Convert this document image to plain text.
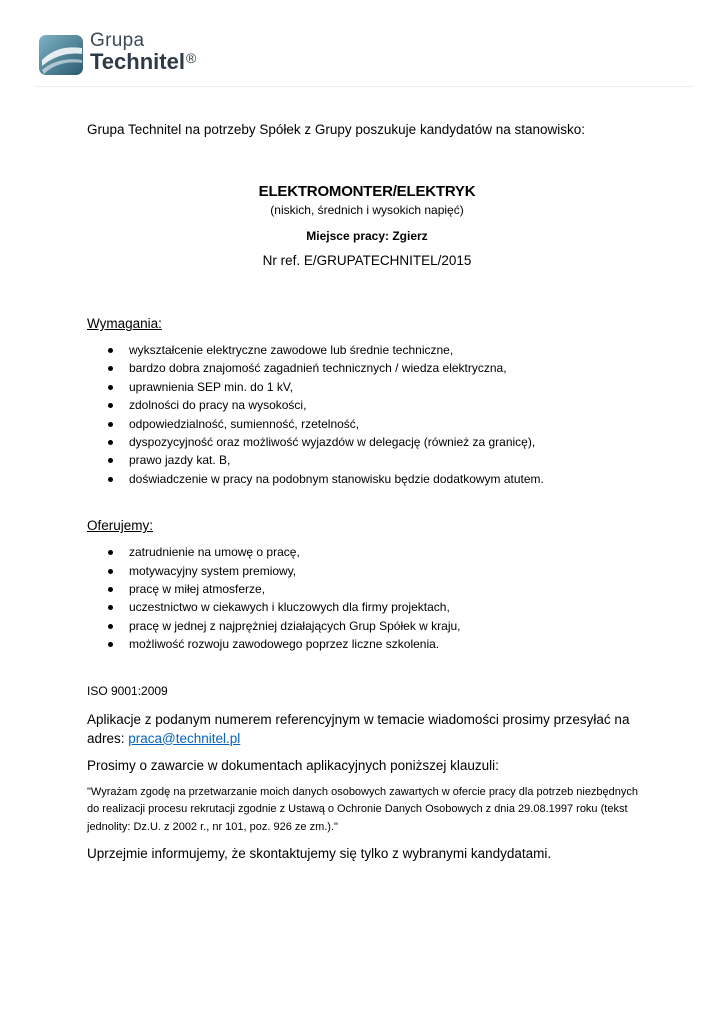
Grupa
Technitel®

Grupa Technitel na potrzeby Spółek z Grupy poszukuje kandydatów na stanowisko:

ELEKTROMONTER/ELEKTRYK

(niskich, średnich i wysokich napięć)

Miejsce pracy: Zgierz

Nr ref. E/GRUPATECHNITEL/2015

Wymagania:

wykształcenie elektryczne zawodowe lub średnie techniczne,
bardzo dobra znajomość zagadnień technicznych / wiedza elektryczna,
uprawnienia SEP min. do 1 kV,
zdolności do pracy na wysokości,
odpowiedzialność, sumienność, rzetelność,
dyspozycyjność oraz możliwość wyjazdów w delegację (również za granicę),
prawo jazdy kat. B,
doświadczenie w pracy na podobnym stanowisku będzie dodatkowym atutem.

Oferujemy:

zatrudnienie na umowę o pracę,
motywacyjny system premiowy,
pracę w miłej atmosferze,
uczestnictwo w ciekawych i kluczowych dla firmy projektach,
pracę w jednej z najprężniej działających Grup Spółek w kraju,
możliwość rozwoju zawodowego poprzez liczne szkolenia.

ISO 9001:2009

Aplikacje z podanym numerem referencyjnym w temacie wiadomości prosimy przesyłać na adres: praca@technitel.pl

Prosimy o zawarcie w dokumentach aplikacyjnych poniższej klauzuli:

"Wyrażam zgodę na przetwarzanie moich danych osobowych zawartych w ofercie pracy dla potrzeb niezbędnych do realizacji procesu rekrutacji zgodnie z Ustawą o Ochronie Danych Osobowych z dnia 29.08.1997 roku (tekst jednolity: Dz.U. z 2002 r., nr 101, poz. 926 ze zm.)."

Uprzejmie informujemy, że skontaktujemy się tylko z wybranymi kandydatami.
